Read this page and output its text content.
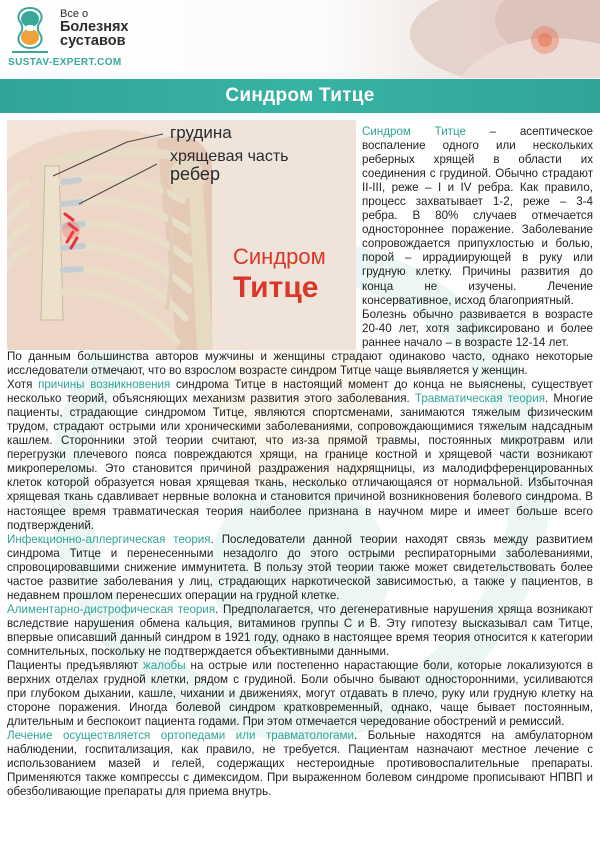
Все о
Болезнях суставов
SUSTAV-EXPERT.COM
Синдром Титце
грудина
хрящевая часть
ребер
Синдром
Титце

Синдром Титце – асептическое воспаление одного или нескольких реберных хрящей в области их соединения с грудиной. Обычно страдают II-III, реже – I и IV ребра. Как правило, процесс захватывает 1-2, реже – 3-4 ребра. В 80% случаев отмечается одностороннее поражение. Заболевание сопровождается припухлостью и болью, порой – иррадиирующей в руку или грудную клетку. Причины развития до конца не изучены. Лечение консервативное, исход благоприятный.

Болезнь обычно развивается в возрасте 20-40 лет, хотя зафиксировано и более раннее начало – в возрасте 12-14 лет.

По данным большинства авторов мужчины и женщины страдают одинаково часто, однако некоторые исследователи отмечают, что во взрослом возрасте синдром Титце чаще выявляется у женщин.

Хотя причины возникновения синдрома Титце в настоящий момент до конца не выяснены, существует несколько теорий, объясняющих механизм развития этого заболевания. Травматическая теория. Многие пациенты, страдающие синдромом Титце, являются спортсменами, занимаются тяжелым физическим трудом, страдают острыми или хроническими заболеваниями, сопровождающимися тяжелым надсадным кашлем. Сторонники этой теории считают, что из-за прямой травмы, постоянных микротравм или перегрузки плечевого пояса повреждаются хрящи, на границе костной и хрящевой части возникают микропереломы. Это становится причиной раздражения надхрящницы, из малодифференцированных клеток которой образуется новая хрящевая ткань, несколько отличающаяся от нормальной. Избыточная хрящевая ткань сдавливает нервные волокна и становится причиной возникновения болевого синдрома. В настоящее время травматическая теория наиболее признана в научном мире и имеет больше всего подтверждений.

Инфекционно-аллергическая теория. Последователи данной теории находят связь между развитием синдрома Титце и перенесенными незадолго до этого острыми респираторными заболеваниями, спровоцировавшими снижение иммунитета. В пользу этой теории также может свидетельствовать более частое развитие заболевания у лиц, страдающих наркотической зависимостью, а также у пациентов, в недавнем прошлом перенесших операции на грудной клетке.

Алиментарно-дистрофическая теория. Предполагается, что дегенеративные нарушения хряща возникают вследствие нарушения обмена кальция, витаминов группы С и В. Эту гипотезу высказывал сам Титце, впервые описавший данный синдром в 1921 году, однако в настоящее время теория относится к категории сомнительных, поскольку не подтверждается объективными данными.

Пациенты предъявляют жалобы на острые или постепенно нарастающие боли, которые локализуются в верхних отделах грудной клетки, рядом с грудиной. Боли обычно бывают односторонними, усиливаются при глубоком дыхании, кашле, чихании и движениях, могут отдавать в плечо, руку или грудную клетку на стороне поражения. Иногда болевой синдром кратковременный, однако, чаще бывает постоянным, длительным и беспокоит пациента годами. При этом отмечается чередование обострений и ремиссий.

Лечение осуществляется ортопедами или травматологами. Больные находятся на амбулаторном наблюдении, госпитализация, как правило, не требуется. Пациентам назначают местное лечение с использованием мазей и гелей, содержащих нестероидные противовоспалительные препараты. Применяются также компрессы с димексидом. При выраженном болевом синдроме прописывают НПВП и обезболивающие препараты для приема внутрь.
